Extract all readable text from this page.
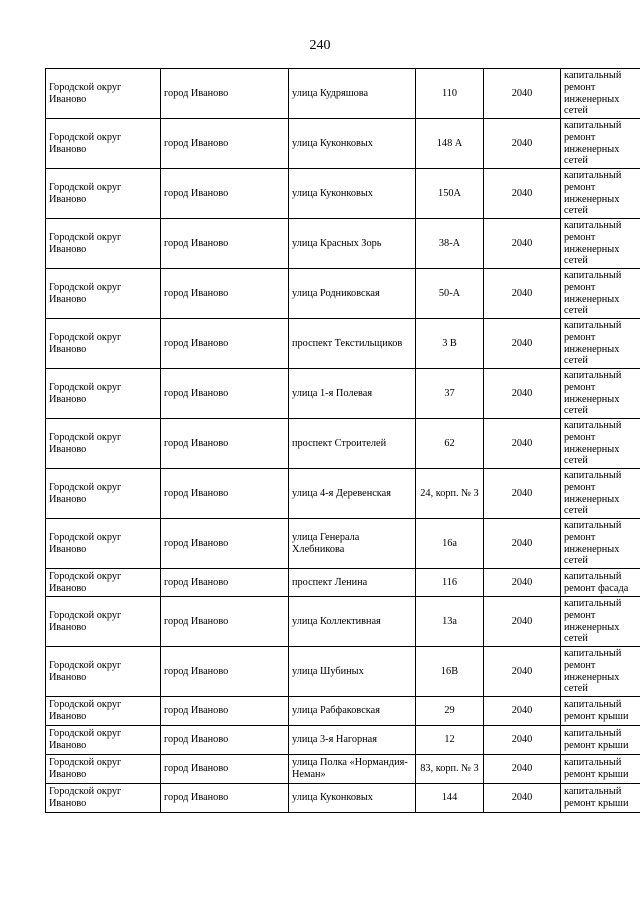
240
Городской округ Иваново	город Иваново	улица Кудряшова	110	2040	капитальный ремонт инженерных сетей
Городской округ Иваново	город Иваново	улица Куконковых	148 А	2040	капитальный ремонт инженерных сетей
Городской округ Иваново	город Иваново	улица Куконковых	150А	2040	капитальный ремонт инженерных сетей
Городской округ Иваново	город Иваново	улица Красных Зорь	38-А	2040	капитальный ремонт инженерных сетей
Городской округ Иваново	город Иваново	улица Родниковская	50-А	2040	капитальный ремонт инженерных сетей
Городской округ Иваново	город Иваново	проспект Текстильщиков	3 В	2040	капитальный ремонт инженерных сетей
Городской округ Иваново	город Иваново	улица 1-я Полевая	37	2040	капитальный ремонт инженерных сетей
Городской округ Иваново	город Иваново	проспект Строителей	62	2040	капитальный ремонт инженерных сетей
Городской округ Иваново	город Иваново	улица 4-я Деревенская	24, корп. № 3	2040	капитальный ремонт инженерных сетей
Городской округ Иваново	город Иваново	улица Генерала Хлебникова	16а	2040	капитальный ремонт инженерных сетей
Городской округ Иваново	город Иваново	проспект Ленина	116	2040	капитальный ремонт фасада
Городской округ Иваново	город Иваново	улица Коллективная	13а	2040	капитальный ремонт инженерных сетей
Городской округ Иваново	город Иваново	улица Шубиных	16В	2040	капитальный ремонт инженерных сетей
Городской округ Иваново	город Иваново	улица Рабфаковская	29	2040	капитальный ремонт крыши
Городской округ Иваново	город Иваново	улица 3-я Нагорная	12	2040	капитальный ремонт крыши
Городской округ Иваново	город Иваново	улица Полка «Нормандия-Неман»	83, корп. № 3	2040	капитальный ремонт крыши
Городской округ Иваново	город Иваново	улица Куконковых	144	2040	капитальный ремонт крыши
